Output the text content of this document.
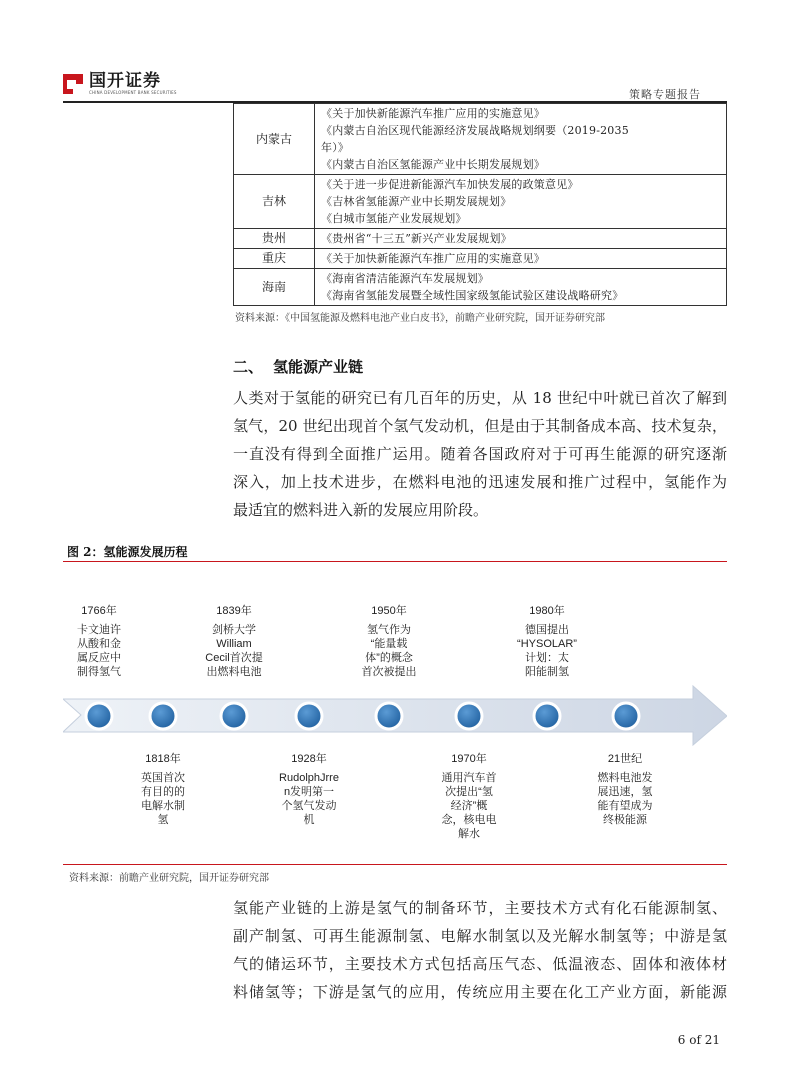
国开证券
CHINA DEVELOPMENT BANK SECURITIES	策略专题报告
内蒙古	《关于加快新能源汽车推广应用的实施意见》
《内蒙古自治区现代能源经济发展战略规划纲要（2019-2035
年）》
《内蒙古自治区氢能源产业中长期发展规划》

吉林	《关于进一步促进新能源汽车加快发展的政策意见》
《吉林省氢能源产业中长期发展规划》
《白城市氢能产业发展规划》

贵州	《贵州省“十三五”新兴产业发展规划》

重庆	《关于加快新能源汽车推广应用的实施意见》

海南	《海南省清洁能源汽车发展规划》
《海南省氢能发展暨全域性国家级氢能试验区建设战略研究》
资料来源：《中国氢能源及燃料电池产业白皮书》，前瞻产业研究院，国开证券研究部
二、 氢能源产业链
人类对于氢能的研究已有几百年的历史，从 18 世纪中叶就已首次了解到
氢气，20 世纪出现首个氢气发动机，但是由于其制备成本高、技术复杂，
一直没有得到全面推广运用。随着各国政府对于可再生能源的研究逐渐
深入，加上技术进步，在燃料电池的迅速发展和推广过程中，氢能作为
最适宜的燃料进入新的发展应用阶段。
图 2：氢能源发展历程
1766年
卡文迪许
从酸和金
属反应中
制得氢气
1839年
剑桥大学
William
Cecil首次提
出燃料电池
1950年
氢气作为
“能量载
体”的概念
首次被提出
1980年
德国提出
“HYSOLAR”
计划：太
阳能制氢
1818年
英国首次
有目的的
电解水制
氢
1928年
RudolphJrre
n发明第一
个氢气发动
机
1970年
通用汽车首
次提出“氢
经济”概
念，核电电
解水
21世纪
燃料电池发
展迅速，氢
能有望成为
终极能源
资料来源：前瞻产业研究院，国开证券研究部
氢能产业链的上游是氢气的制备环节，主要技术方式有化石能源制氢、
副产制氢、可再生能源制氢、电解水制氢以及光解水制氢等；中游是氢
气的储运环节，主要技术方式包括高压气态、低温液态、固体和液体材
料储氢等；下游是氢气的应用，传统应用主要在化工产业方面，新能源
6 of 21
